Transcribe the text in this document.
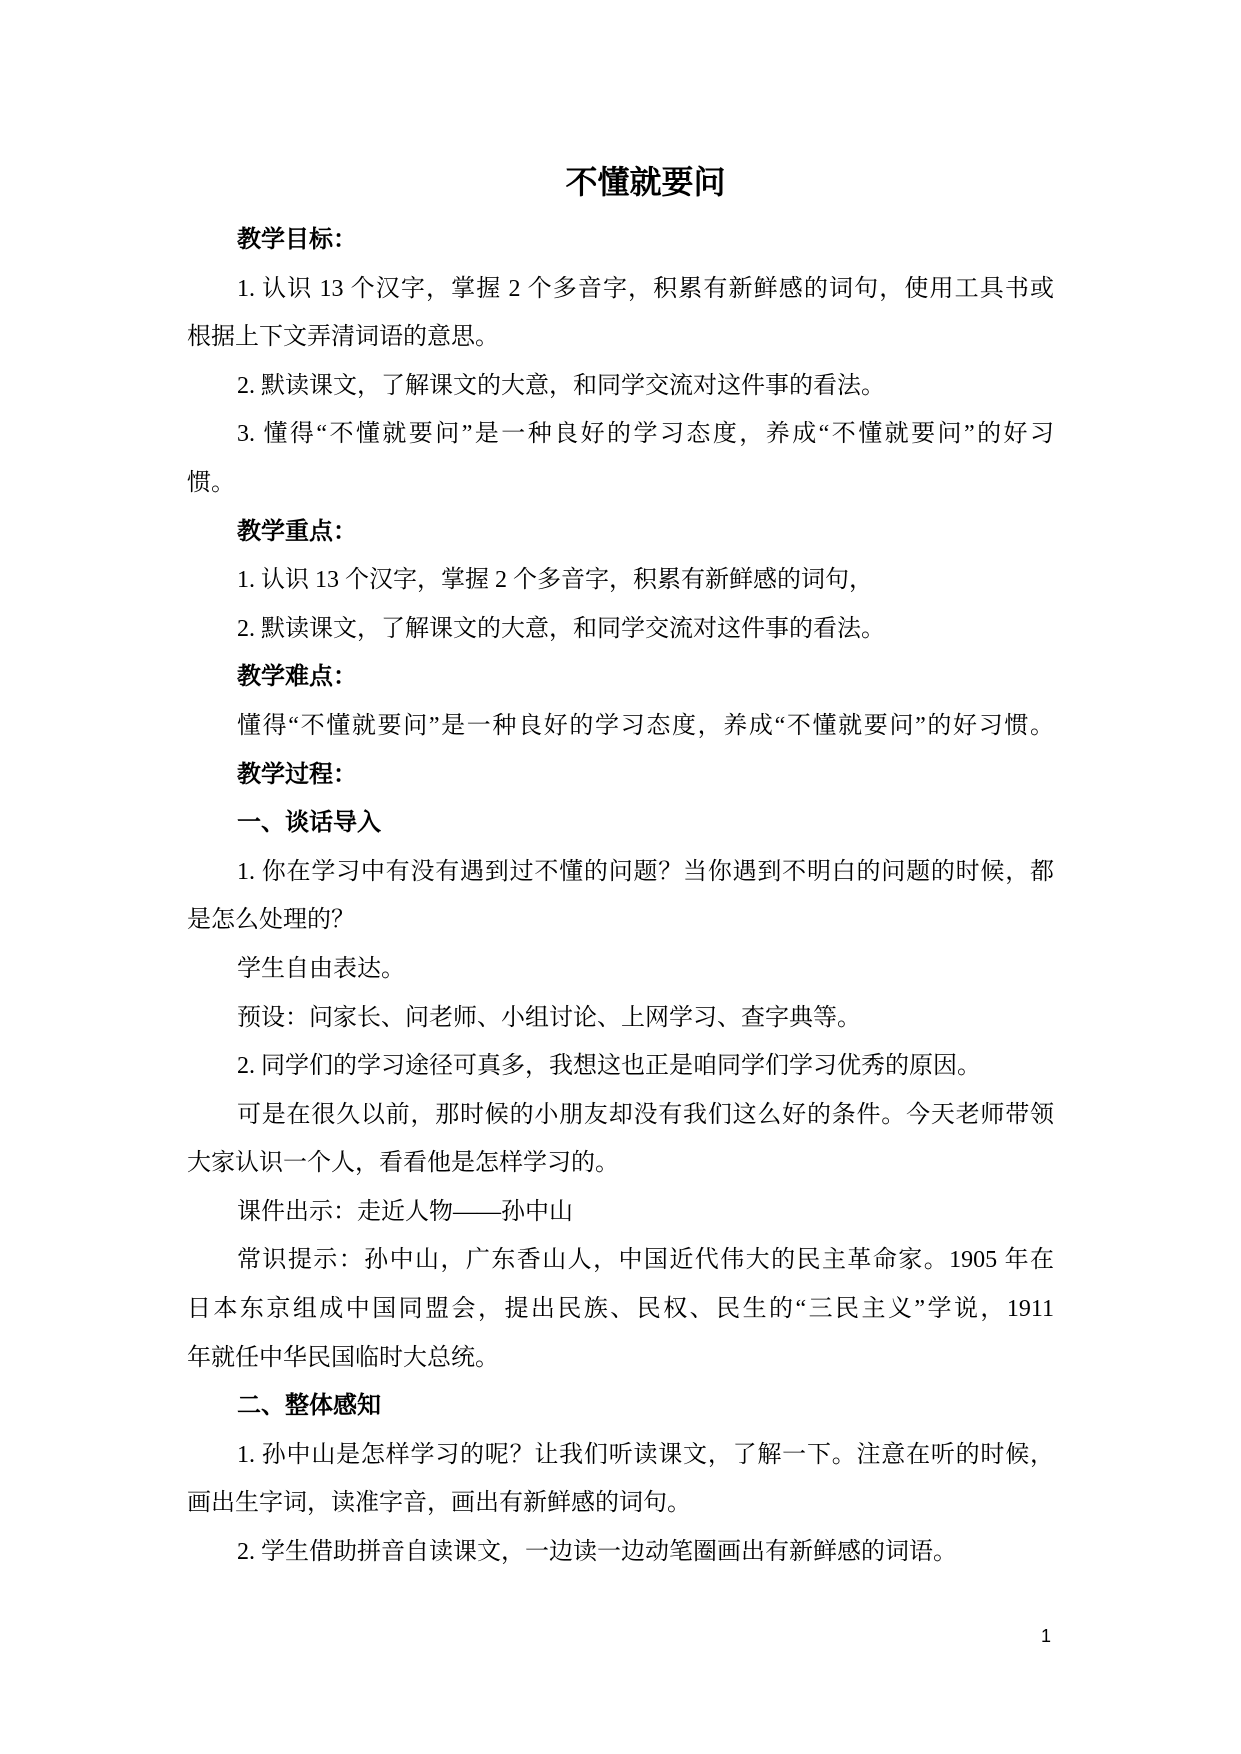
不懂就要问
教学目标：
1. 认识 13 个汉字，掌握 2 个多音字，积累有新鲜感的词句，使用工具书或
根据上下文弄清词语的意思。
2. 默读课文，了解课文的大意，和同学交流对这件事的看法。
3. 懂得“不懂就要问”是一种良好的学习态度，养成“不懂就要问”的好习
惯。
教学重点：
1. 认识 13 个汉字，掌握 2 个多音字，积累有新鲜感的词句，
2. 默读课文，了解课文的大意，和同学交流对这件事的看法。
教学难点：
懂得“不懂就要问”是一种良好的学习态度，养成“不懂就要问”的好习惯。
教学过程：
一、谈话导入
1. 你在学习中有没有遇到过不懂的问题？当你遇到不明白的问题的时候，都
是怎么处理的？
学生自由表达。
预设：问家长、问老师、小组讨论、上网学习、查字典等。
2. 同学们的学习途径可真多，我想这也正是咱同学们学习优秀的原因。
可是在很久以前，那时候的小朋友却没有我们这么好的条件。今天老师带领
大家认识一个人，看看他是怎样学习的。
课件出示：走近人物——孙中山
常识提示：孙中山，广东香山人，中国近代伟大的民主革命家。1905 年在
日本东京组成中国同盟会，提出民族、民权、民生的“三民主义”学说，1911
年就任中华民国临时大总统。
二、整体感知
1. 孙中山是怎样学习的呢？让我们听读课文，了解一下。注意在听的时候，
画出生字词，读准字音，画出有新鲜感的词句。
2. 学生借助拼音自读课文，一边读一边动笔圈画出有新鲜感的词语。
1
